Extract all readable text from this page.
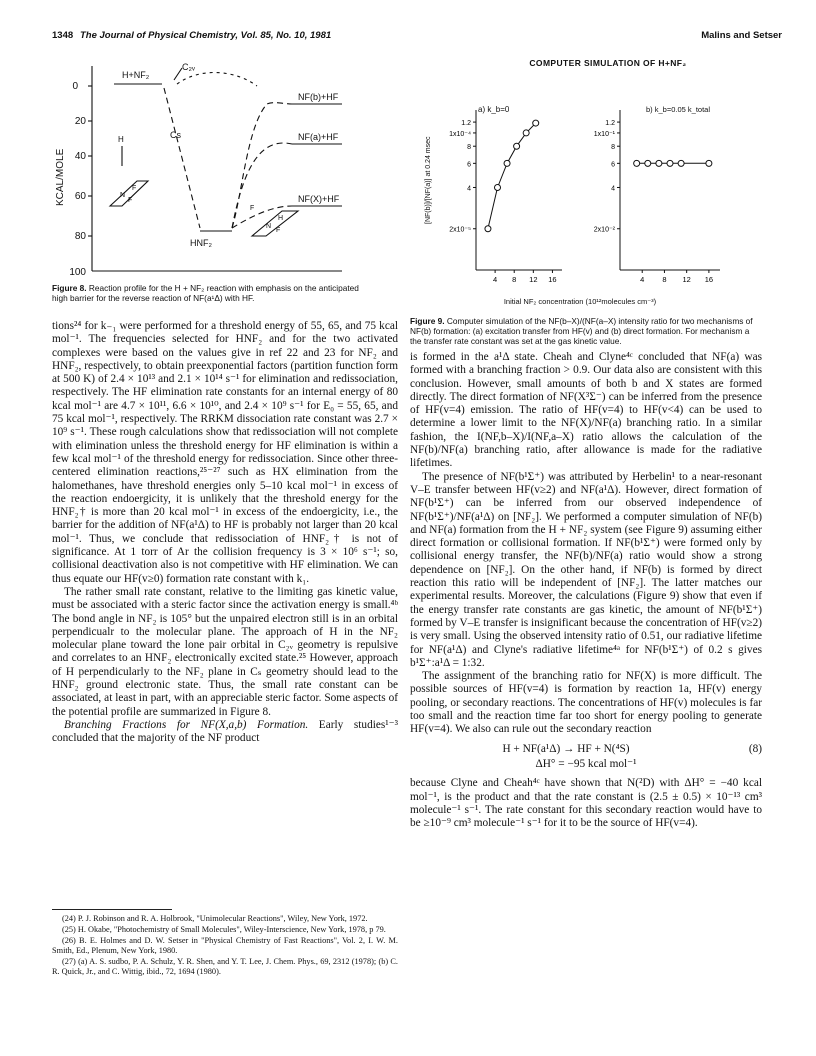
1348 The Journal of Physical Chemistry, Vol. 85, No. 10, 1981	Malins and Setser
KCAL/MOLE
0
20
40
60
80
100
H+NF₂
C₂ᵥ
Cs
NF(b)+HF
NF(a)+HF
NF(X)+HF
HNF₂
H
N
F
F
F
H
N
F
Figure 8. Reaction profile for the H + NF₂ reaction with emphasis on the anticipated high barrier for the reverse reaction of NF(a¹Δ) with HF.
COMPUTER SIMULATION OF H+NF₂
[NF(b)]/[NF(a)] at 0.24 msec
a) k_b=0	b) k_b=0.05 k_total
Initial NF₂ concentration (10¹²molecules cm⁻³)
4 8 12 16
2x10⁻⁵
4
6
8
1x10⁻⁴
1.2
4 8 12 16
2x10⁻²
4
6
8
1x10⁻¹
1.2
Figure 9. Computer simulation of the NF(b–X)/(NF(a–X) intensity ratio for two mechanisms of NF(b) formation: (a) excitation transfer from HF(v) and (b) direct formation. For mechanism a the transfer rate constant was set at the gas kinetic value.

tions²⁴ for k₋₁ were performed for a threshold energy of 55, 65, and 75 kcal mol⁻¹. The frequencies selected for HNF₂ and for the two activated complexes were based on the values give in ref 22 and 23 for NF₂ and HNF₂, respectively, to obtain preexponential factors (partition function form at 500 K) of 2.4 × 10¹³ and 2.1 × 10¹⁴ s⁻¹ for elimination and redissociation, respectively. The HF elimination rate constants for an internal energy of 80 kcal mol⁻¹ are 4.7 × 10¹¹, 6.6 × 10¹⁰, and 2.4 × 10⁹ s⁻¹ for E₀ = 55, 65, and 75 kcal mol⁻¹, respectively. The RRKM dissociation rate constant was 2.7 × 10⁹ s⁻¹. These rough calculations show that redissociation will not complete with elimination unless the threshold energy for HF elimination is within a few kcal mol⁻¹ of the threshold energy for redissociation. Since other three-centered elimination reactions,²⁵⁻²⁷ such as HX elimination from the halomethanes, have threshold energies only 5–10 kcal mol⁻¹ in excess of the reaction endoergicity, it is unlikely that the threshold energy for the HNF₂† is more than 20 kcal mol⁻¹ in excess of the endoergicity, i.e., the barrier for the addition of NF(a¹Δ) to HF is probably not larger than 20 kcal mol⁻¹. Thus, we conclude that redissociation of HNF₂† is not of significance. At 1 torr of Ar the collision frequency is 3 × 10⁶ s⁻¹; so, collisional deactivation also is not competitive with HF elimination. We can thus equate our HF(v≥0) formation rate constant with k₁.

The rather small rate constant, relative to the limiting gas kinetic value, must be associated with a steric factor since the activation energy is small.⁴ᵇ The bond angle in NF₂ is 105° but the unpaired electron still is in an orbital perpendicualr to the molecular plane. The approach of H in the NF₂ molecular plane toward the lone pair orbital in C₂ᵥ geometry is repulsive and correlates to an HNF₂ electronically excited state.²⁵ However, approach of H perpendicularly to the NF₂ plane in Cₛ geometry should lead to the HNF₂ ground electronic state. Thus, the small rate constant can be associated, at least in part, with an appreciable steric factor. Some aspects of the potential profile are summarized in Figure 8.

Branching Fractions for NF(X,a,b) Formation. Early studies¹⁻³ concluded that the majority of the NF product

(24) P. J. Robinson and R. A. Holbrook, "Unimolecular Reactions", Wiley, New York, 1972.

(25) H. Okabe, "Photochemistry of Small Molecules", Wiley-Interscience, New York, 1978, p 79.

(26) B. E. Holmes and D. W. Setser in "Physical Chemistry of Fast Reactions", Vol. 2, I. W. M. Smith, Ed., Plenum, New York, 1980.

(27) (a) A. S. sudbo, P. A. Schulz, Y. R. Shen, and Y. T. Lee, J. Chem. Phys., 69, 2312 (1978); (b) C. R. Quick, Jr., and C. Wittig, ibid., 72, 1694 (1980).

is formed in the a¹Δ state. Cheah and Clyne⁴ᶜ concluded that NF(a) was formed with a branching fraction > 0.9. Our data also are consistent with this conclusion. However, small amounts of both b and X states are formed directly. The direct formation of NF(X³Σ⁻) can be inferred from the presence of HF(v=4) emission. The ratio of HF(v=4) to HF(v<4) can be used to determine a lower limit to the NF(X)/NF(a) branching ratio. In a similar fashion, the I(NF,b–X)/I(NF,a–X) ratio allows the calculation of the NF(b)/NF(a) branching ratio, after allowance is made for the radiative lifetimes.

The presence of NF(b¹Σ⁺) was attributed by Herbelin¹ to a near-resonant V–E transfer between HF(v≥2) and NF(a¹Δ). However, direct formation of NF(b¹Σ⁺) can be inferred from our observed independence of NF(b¹Σ⁺)/NF(a¹Δ) on [NF₂]. We performed a computer simulation of NF(b) and NF(a) formation from the H + NF₂ system (see Figure 9) assuming either direct formation or collisional formation. If NF(b¹Σ⁺) were formed only by collisional energy transfer, the NF(b)/NF(a) ratio would show a strong dependence on [NF₂]. On the other hand, if NF(b) is formed by direct reaction this ratio will be independent of [NF₂]. The latter matches our experimental results. Moreover, the calculations (Figure 9) show that even if the energy transfer rate constants are gas kinetic, the amount of NF(b¹Σ⁺) formed by V–E transfer is insignificant because the concentration of HF(v≥2) is very small. Using the observed intensity ratio of 0.51, our radiative lifetime for NF(a¹Δ) and Clyne's radiative lifetime⁴ᵃ for NF(b¹Σ⁺) of 0.2 s gives b¹Σ⁺:a¹Δ = 1:32.

The assignment of the branching ratio for NF(X) is more difficult. The possible sources of HF(v=4) is formation by reaction 1a, HF(v) energy pooling, or secondary reactions. The concentrations of HF(v) molecules is far too small and the reaction time far too short for energy pooling to generate HF(v=4). We also can rule out the secondary reaction

H + NF(a¹Δ) → HF + N(⁴S)	(8)
ΔH° = −95 kcal mol⁻¹

because Clyne and Cheah⁴ᶜ have shown that N(²D) with ΔH° = −40 kcal mol⁻¹, is the product and that the rate constant is (2.5 ± 0.5) × 10⁻¹³ cm³ molecule⁻¹ s⁻¹. The rate constant for this secondary reaction would have to be ≥10⁻⁹ cm³ molecule⁻¹ s⁻¹ for it to be the source of HF(v=4).
